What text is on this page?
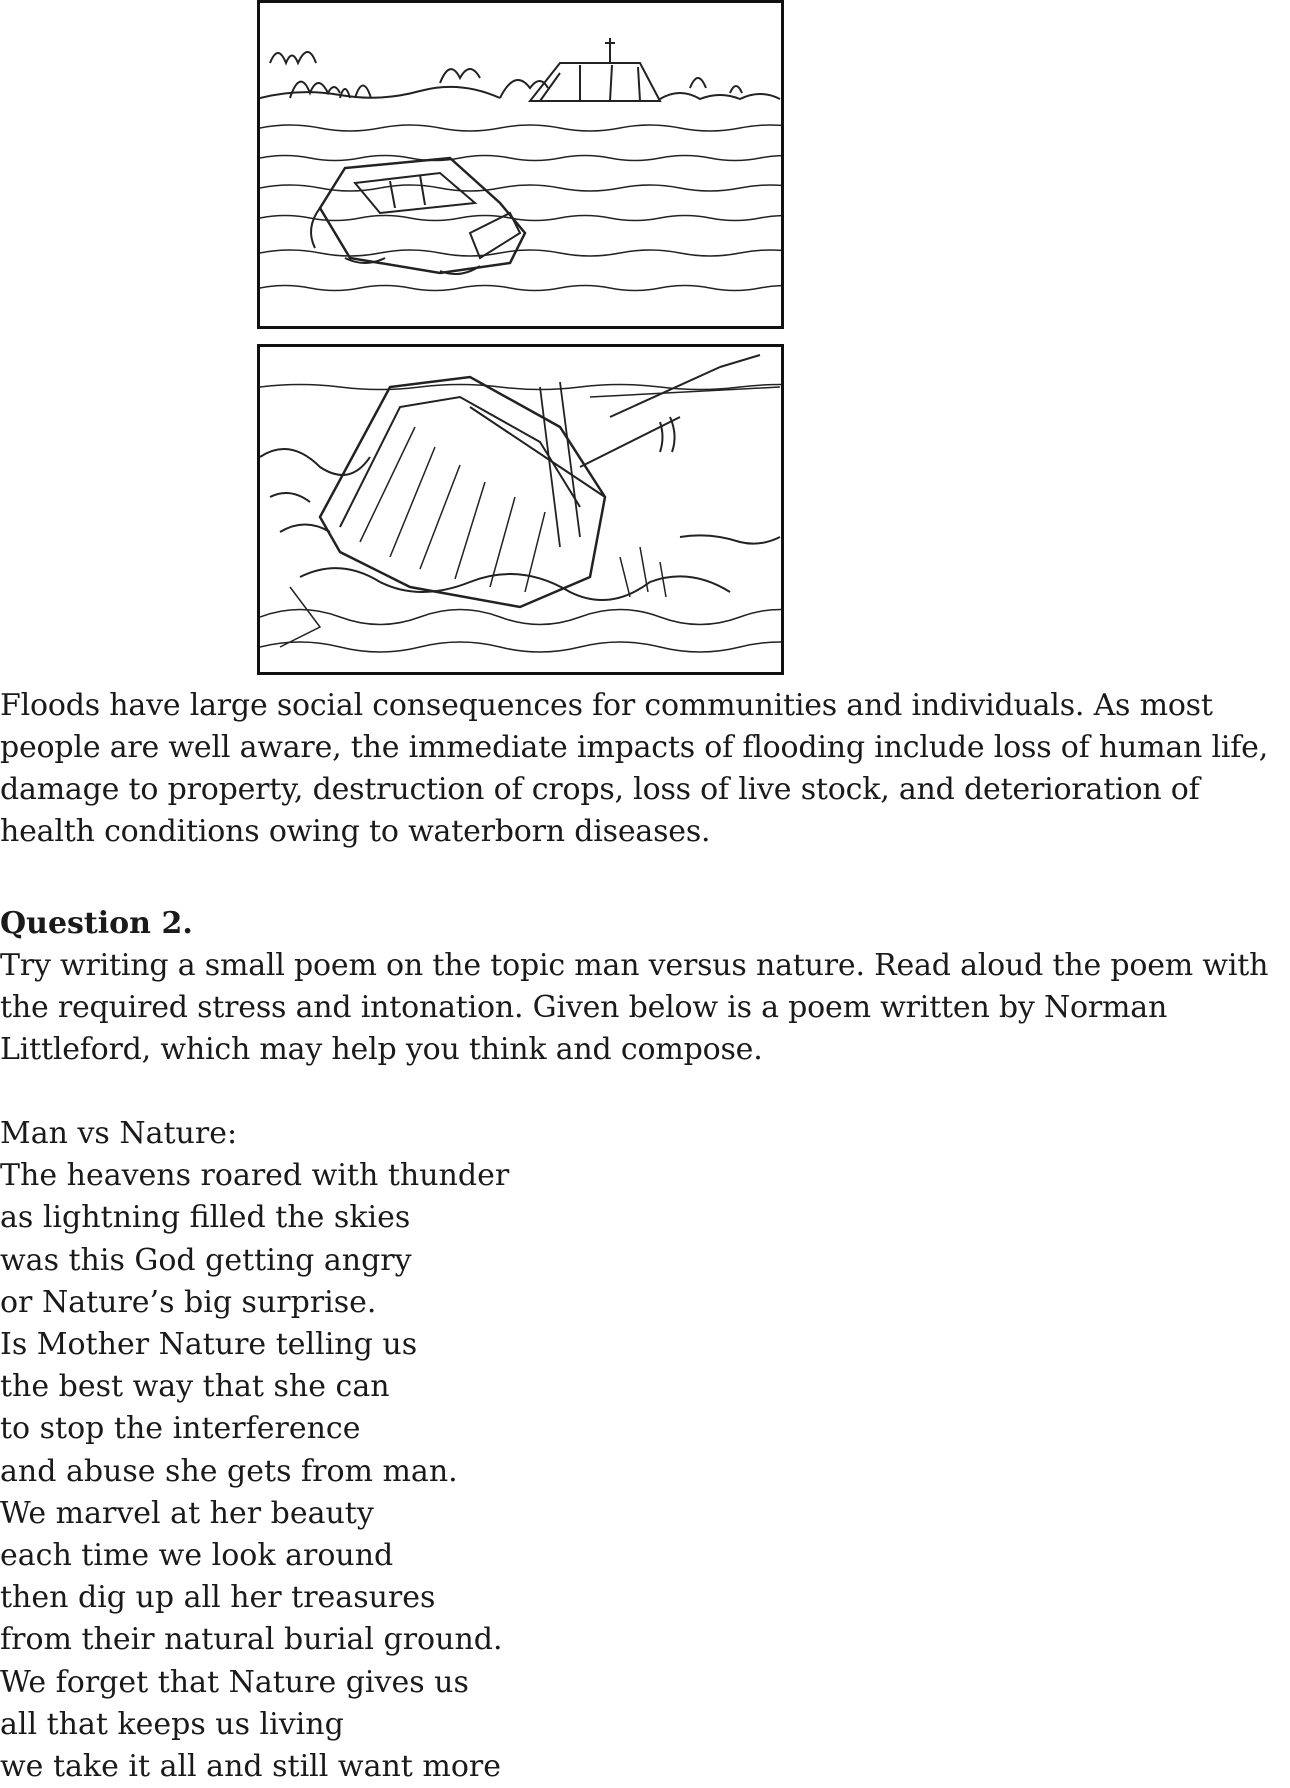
Floods have large social consequences for communities and individuals. As most people are well aware, the immediate impacts of flooding include loss of human life, damage to property, destruction of crops, loss of live stock, and deterioration of health conditions owing to waterborn diseases.

Question 2.

Try writing a small poem on the topic man versus nature. Read aloud the poem with the required stress and intonation. Given below is a poem written by Norman Littleford, which may help you think and compose.

Man vs Nature:
The heavens roared with thunder
as lightning filled the skies
was this God getting angry
or Nature’s big surprise.
Is Mother Nature telling us
the best way that she can
to stop the interference
and abuse she gets from man.
We marvel at her beauty
each time we look around
then dig up all her treasures
from their natural burial ground.
We forget that Nature gives us
all that keeps us living
we take it all and still want more
